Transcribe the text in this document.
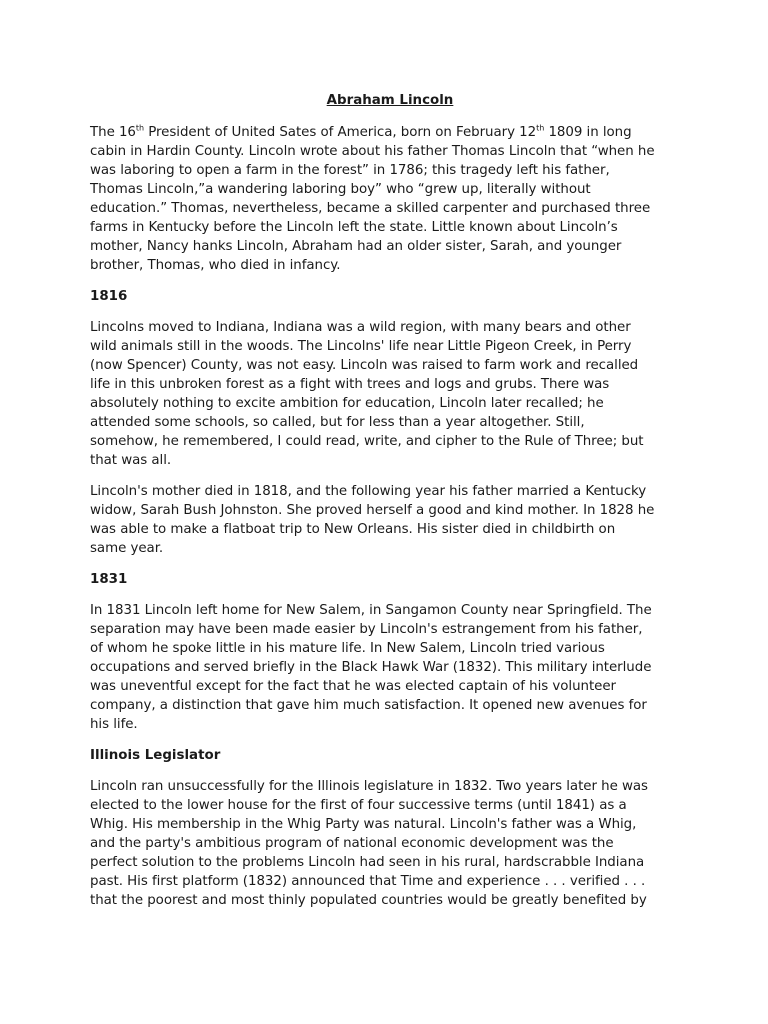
Abraham Lincoln
The 16th President of United Sates of America, born on February 12th 1809 in long
cabin in Hardin County. Lincoln wrote about his father Thomas Lincoln that “when he
was laboring to open a farm in the forest” in 1786; this tragedy left his father,
Thomas Lincoln,”a wandering laboring boy” who “grew up, literally without
education.” Thomas, nevertheless, became a skilled carpenter and purchased three
farms in Kentucky before the Lincoln left the state. Little known about Lincoln’s
mother, Nancy hanks Lincoln, Abraham had an older sister, Sarah, and younger
brother, Thomas, who died in infancy.
1816
Lincolns moved to Indiana, Indiana was a wild region, with many bears and other
wild animals still in the woods. The Lincolns' life near Little Pigeon Creek, in Perry
(now Spencer) County, was not easy. Lincoln was raised to farm work and recalled
life in this unbroken forest as a fight with trees and logs and grubs. There was
absolutely nothing to excite ambition for education, Lincoln later recalled; he
attended some schools, so called, but for less than a year altogether. Still,
somehow, he remembered, I could read, write, and cipher to the Rule of Three; but
that was all.
Lincoln's mother died in 1818, and the following year his father married a Kentucky
widow, Sarah Bush Johnston. She proved herself a good and kind mother. In 1828 he
was able to make a flatboat trip to New Orleans. His sister died in childbirth on
same year.
1831
In 1831 Lincoln left home for New Salem, in Sangamon County near Springfield. The
separation may have been made easier by Lincoln's estrangement from his father,
of whom he spoke little in his mature life. In New Salem, Lincoln tried various
occupations and served briefly in the Black Hawk War (1832). This military interlude
was uneventful except for the fact that he was elected captain of his volunteer
company, a distinction that gave him much satisfaction. It opened new avenues for
his life.
Illinois Legislator
Lincoln ran unsuccessfully for the Illinois legislature in 1832. Two years later he was
elected to the lower house for the first of four successive terms (until 1841) as a
Whig. His membership in the Whig Party was natural. Lincoln's father was a Whig,
and the party's ambitious program of national economic development was the
perfect solution to the problems Lincoln had seen in his rural, hardscrabble Indiana
past. His first platform (1832) announced that Time and experience . . . verified . . .
that the poorest and most thinly populated countries would be greatly benefited by
